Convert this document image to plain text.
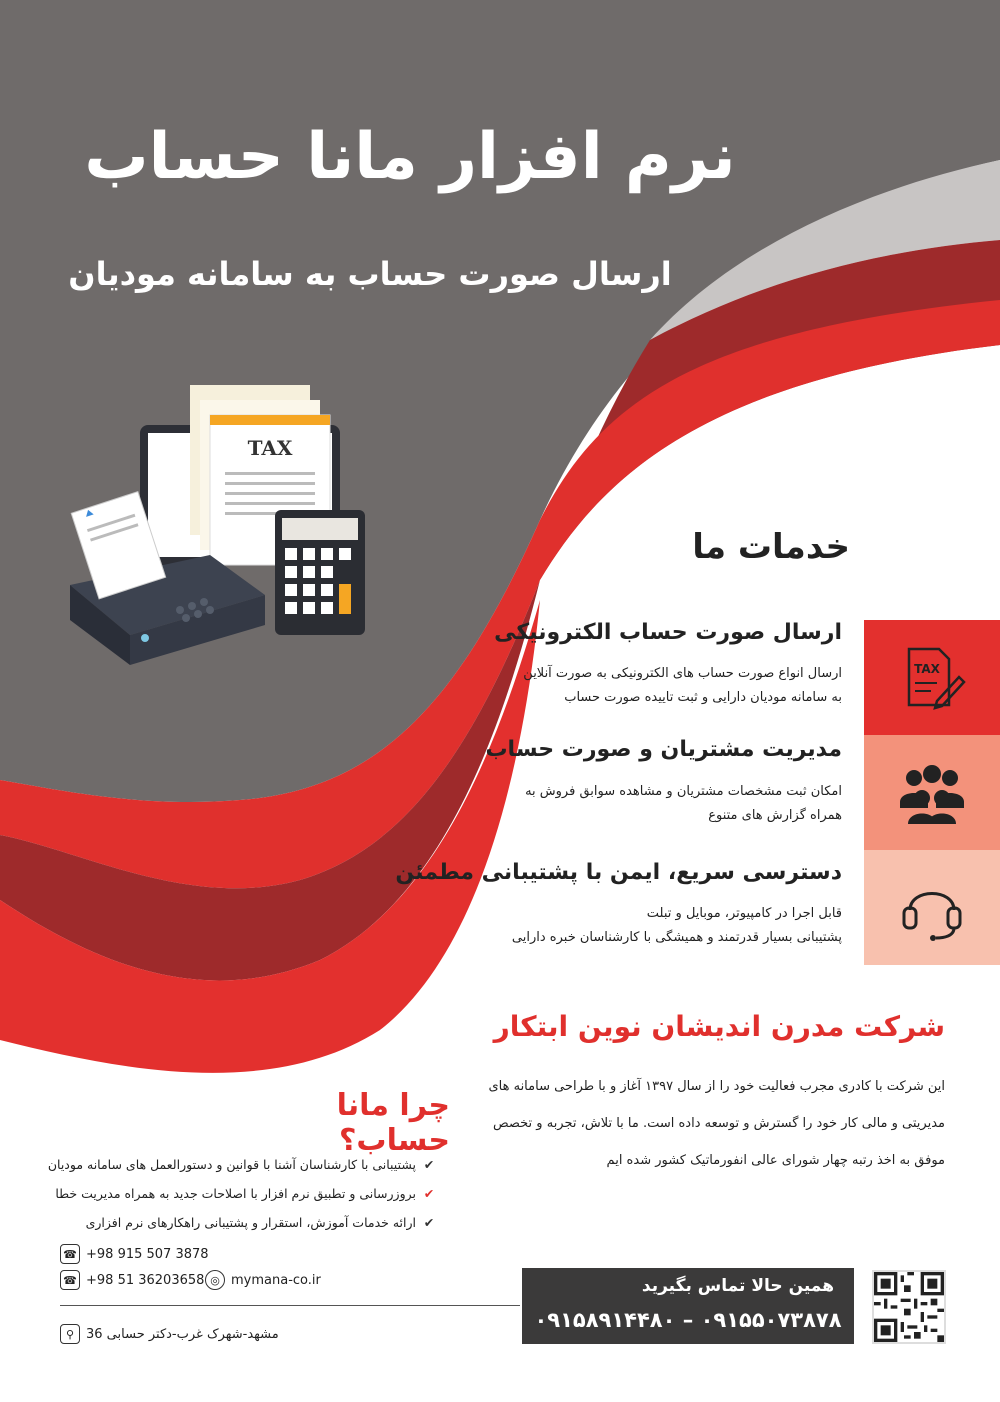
نرم افزار مانا حساب
ارسال صورت حساب به سامانه مودیان
TAX
خدمات ما
ارسال صورت حساب الکترونیکی
ارسال انواع صورت حساب های الکترونیکی به صورت آنلاین
به سامانه مودیان دارایی و ثبت تاییده صورت حساب
مدیریت مشتریان و صورت حساب
امکان ثبت مشخصات مشتریان و مشاهده سوابق فروش به
همراه گزارش های متنوع
دسترسی سریع، ایمن با پشتیبانی مطمئن
قابل اجرا در کامپیوتر، موبایل و تبلت
پشتیبانی بسیار قدرتمند و همیشگی با کارشناسان خبره دارایی
TAX
شرکت مدرن اندیشان نوین ابتکار
این شرکت با کادری مجرب فعالیت خود را از سال ۱۳۹۷ آغاز و با طراحی سامانه های
مدیریتی و مالی کار خود را گسترش و توسعه داده است. ما با تلاش، تجربه و تخصص
موفق به اخذ رتبه چهار شورای عالی انفورماتیک کشور شده ایم
چرا مانا حساب؟
✔پشتیبانی با کارشناسان آشنا با قوانین و دستورالعمل های سامانه مودیان
✔بروزرسانی و تطبیق نرم افزار با اصلاحات جدید به همراه مدیریت خطا
✔ارائه خدمات آموزش، استقرار و پشتیبانی راهکارهای نرم افزاری
☎ +98 915 507 3878
☎ +98 51 36203658 ◎ mymana-co.ir
⚲ مشهد-شهرک غرب-دکتر حسابی 36
همین حالا تماس بگیرید
۰۹۱۵۵۰۷۳۸۷۸ – ۰۹۱۵۸۹۱۴۴۸۰
